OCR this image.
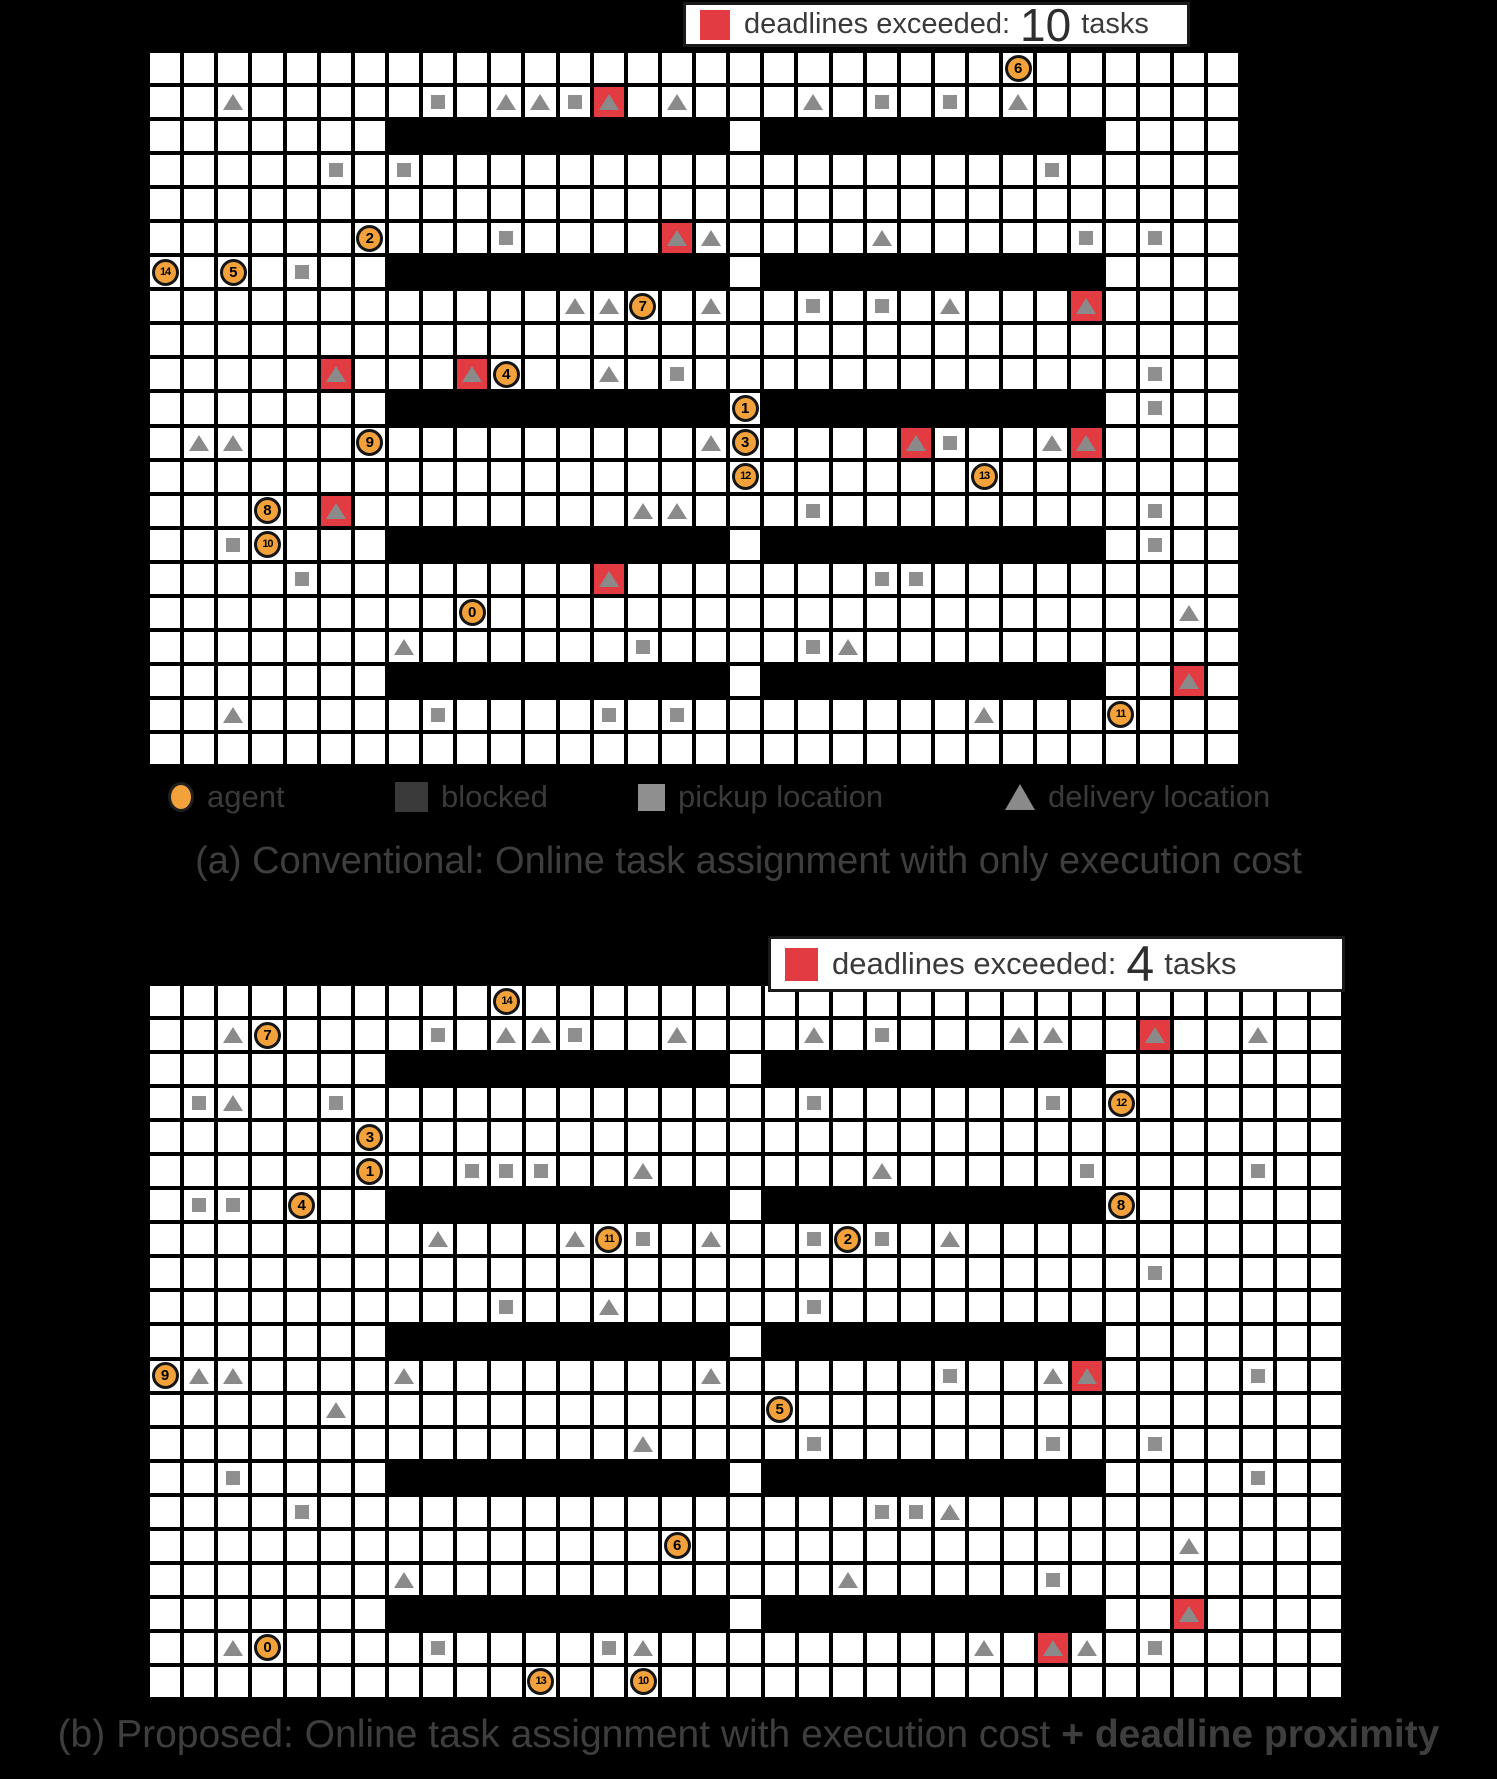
6
2
14	5
7
4
1
9	3
12	13
8
10
0
11
deadlines exceeded: 10 tasks
agent	blocked	pickup location	delivery location
(a) Conventional: Online task assignment with only execution cost
14
7
12
3
1
4	8
11	2
9
5
6
0
13	10
deadlines exceeded: 4 tasks
(b) Proposed: Online task assignment with execution cost + deadline proximity
